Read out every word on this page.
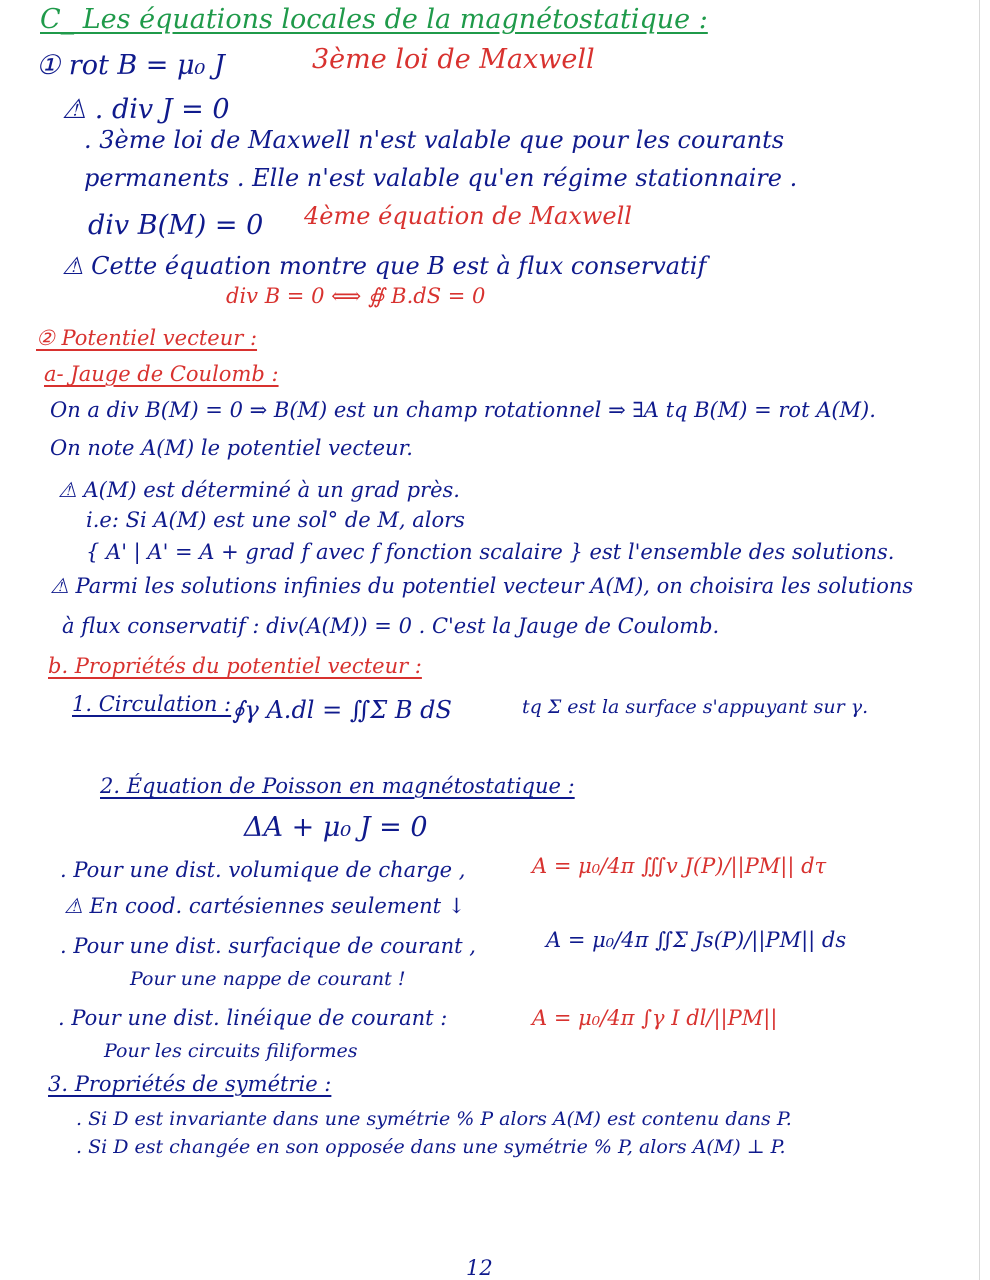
C_ Les équations locales de la magnétostatique :
① rot B = μ₀ J	3ème loi de Maxwell
⚠ . div J = 0
. 3ème loi de Maxwell n'est valable que pour les courants
permanents . Elle n'est valable qu'en régime stationnaire .
div B(M) = 0 4ème équation de Maxwell
⚠ Cette équation montre que B est à flux conservatif
div B = 0 ⟺ ∯ B.dS = 0
② Potentiel vecteur :
a- Jauge de Coulomb :
On a div B(M) = 0 ⇒ B(M) est un champ rotationnel ⇒ ∃A tq B(M) = rot A(M).
On note A(M) le potentiel vecteur.
⚠ A(M) est déterminé à un grad près.
i.e: Si A(M) est une sol° de M, alors
{ A' | A' = A + grad f avec f fonction scalaire } est l'ensemble des solutions.
⚠ Parmi les solutions infinies du potentiel vecteur A(M), on choisira les solutions
à flux conservatif : div(A(M)) = 0 . C'est la Jauge de Coulomb.
b. Propriétés du potentiel vecteur :
1. Circulation : ∮γ A.dl = ∬Σ B dS	tq Σ est la surface s'appuyant sur γ.
2. Équation de Poisson en magnétostatique :
ΔA + μ₀ J = 0
. Pour une dist. volumique de charge ,	A = μ₀/4π ∭v J(P)/||PM|| dτ
⚠ En cood. cartésiennes seulement ↓
. Pour une dist. surfacique de courant ,	A = μ₀/4π ∬Σ Js(P)/||PM|| ds
Pour une nappe de courant !
. Pour une dist. linéique de courant :	A = μ₀/4π ∫γ I dl/||PM||
Pour les circuits filiformes
3. Propriétés de symétrie :
. Si D est invariante dans une symétrie % P alors A(M) est contenu dans P.
. Si D est changée en son opposée dans une symétrie % P, alors A(M) ⊥ P.
12
